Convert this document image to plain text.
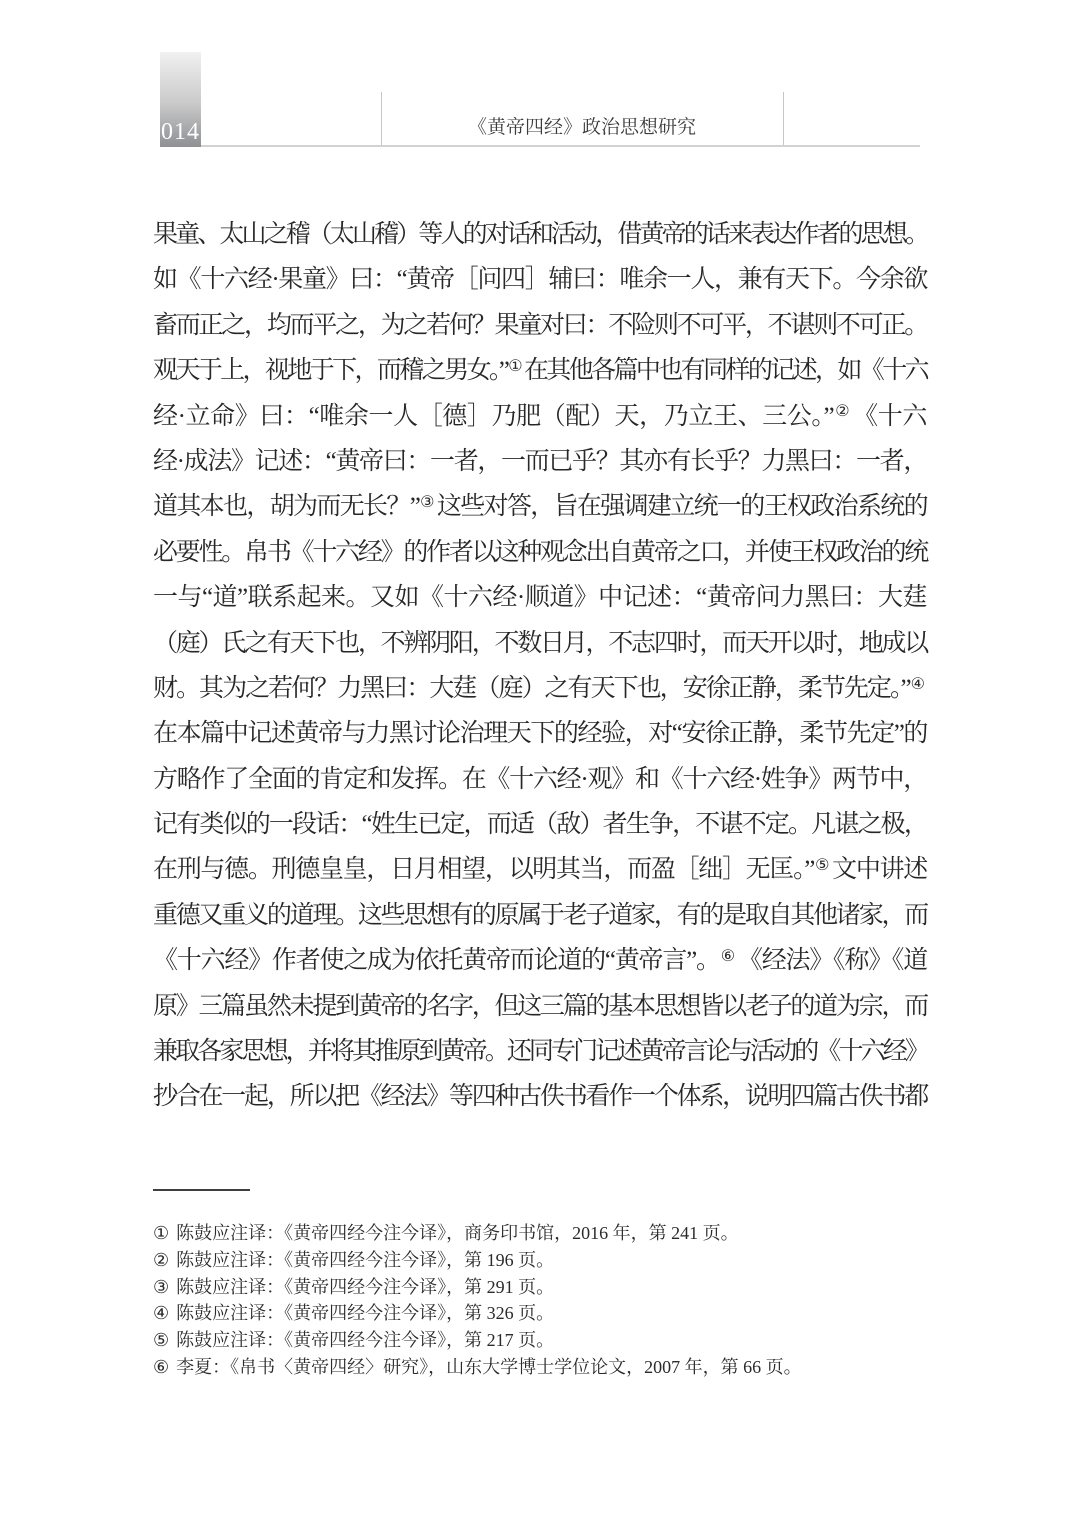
014	《黄帝四经》政治思想研究
果童、太山之稽（太山稽）等人的对话和活动，借黄帝的话来表达作者的思想。
如《十六经·果童》曰：“黄帝［问四］辅曰：唯余一人，兼有天下。今余欲
畜而正之，均而平之，为之若何？果童对曰：不险则不可平，不谌则不可正。
观天于上，视地于下，而稽之男女。”① 在其他各篇中也有同样的记述，如《十六
经·立命》曰：“唯余一人［德］乃肥（配）天，乃立王、三公。”② 《十六
经·成法》记述：“黄帝曰：一者，一而已乎？其亦有长乎？力黑曰：一者，
道其本也，胡为而无长？”③ 这些对答，旨在强调建立统一的王权政治系统的
必要性。帛书《十六经》的作者以这种观念出自黄帝之口，并使王权政治的统
一与“道”联系起来。又如《十六经·顺道》中记述：“黄帝问力黑曰：大莛
（庭）氏之有天下也，不辨阴阳，不数日月，不志四时，而天开以时，地成以
财。其为之若何？力黑曰：大莛（庭）之有天下也，安徐正静，柔节先定。”④
在本篇中记述黄帝与力黑讨论治理天下的经验，对“安徐正静，柔节先定”的
方略作了全面的肯定和发挥。在《十六经·观》和《十六经·姓争》两节中，
记有类似的一段话：“姓生已定，而适（敌）者生争，不谌不定。凡谌之极，
在刑与德。刑德皇皇，日月相望，以明其当，而盈［绌］无匡。”⑤ 文中讲述
重德又重义的道理。这些思想有的原属于老子道家，有的是取自其他诸家，而
《十六经》作者使之成为依托黄帝而论道的“黄帝言”。⑥ 《经法》《称》《道
原》三篇虽然未提到黄帝的名字，但这三篇的基本思想皆以老子的道为宗，而
兼取各家思想，并将其推原到黄帝。还同专门记述黄帝言论与活动的《十六经》
抄合在一起，所以把《经法》等四种古佚书看作一个体系，说明四篇古佚书都
① 陈鼓应注译：《黄帝四经今注今译》，商务印书馆，2016 年，第 241 页。
② 陈鼓应注译：《黄帝四经今注今译》，第 196 页。
③ 陈鼓应注译：《黄帝四经今注今译》，第 291 页。
④ 陈鼓应注译：《黄帝四经今注今译》，第 326 页。
⑤ 陈鼓应注译：《黄帝四经今注今译》，第 217 页。
⑥ 李夏：《帛书〈黄帝四经〉研究》，山东大学博士学位论文，2007 年，第 66 页。
